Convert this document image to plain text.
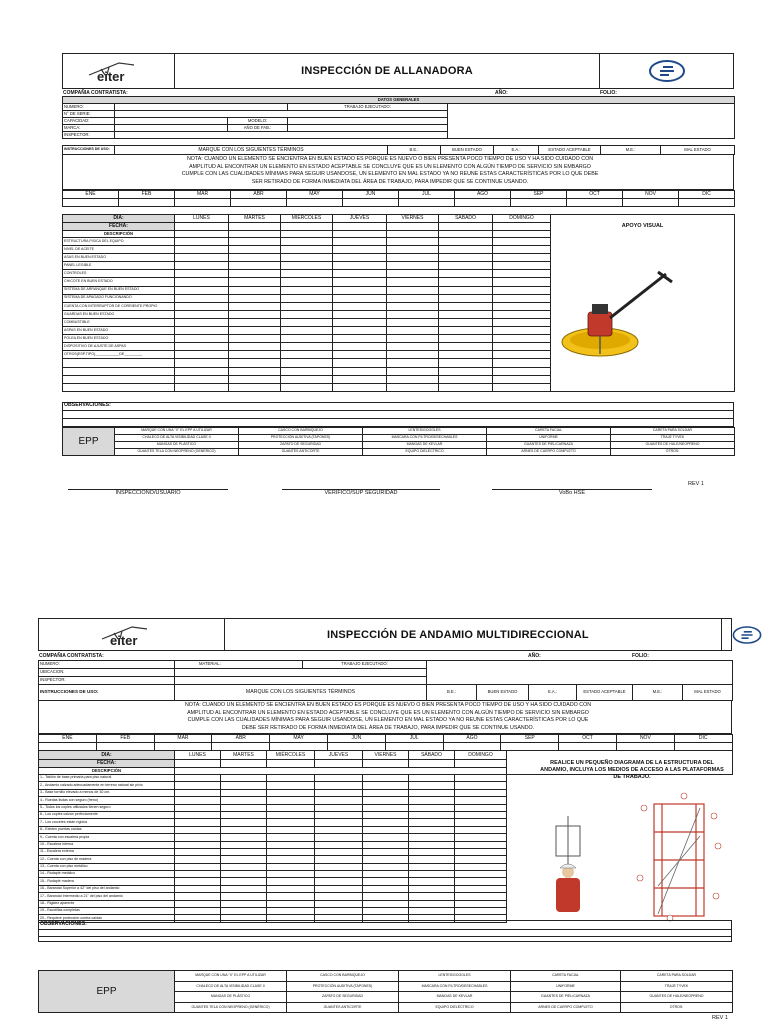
eiter	INSPECCIÓN DE ALLANADORA
COMPAÑIA CONTRATISTA:	AÑO:	FOLIO:
DATOS GENERALES				
NUMERO:			TRABAJO EJECUTADO:	
N° DE SERIE:				
CAPACIDAD:		MODELO:		
MARCA:		AÑO DE FAB.:		
INSPECTOR:				
INSTRUCCIONES DE USO:	MARQUE CON LOS SIGUIENTES TÉRMINOS	B.E.:	BUEN ESTADO	E.A.:	ESTADO ACEPTABLE	M.E.:	MAL ESTADO
NOTA: CUANDO UN ELEMENTO SE ENCIENTRA EN BUEN ESTADO ES PORQUE ES NUEVO O BIEN PRESENTA POCO TIEMPO DE USO Y HA SIDO CUIDADO CON AMPLITUD AL ENCONTRAR UN ELEMENTO EN ESTADO ACEPTABLE SE CONCLUYE QUE ES UN ELEMENTO CON ALGÚN TIEMPO DE SERVICIO SIN EMBARGO CUMPLE CON LAS CUALIDADES MÍNIMAS PARA SEGUIR USANDOSE, UN ELEMENTO EN MAL ESTADO YA NO REUNE ESTAS CARACTERÍSTICAS POR LO QUE DEBE SER RETIRADO DE FORMA INMEDIATA DEL ÁREA DE TRABAJO, PARA IMPEDIR QUE SE CONTINUE USANDO.
ENE	FEB	MAR	ABR	MAY	JUN	JUL	AGO	SEP	OCT	NOV	DIC

DIA:	LUNES	MARTES	MIÉRCOLES	JUEVES	VIERNES	SÁBADO	DOMINGO	APOYO VISUAL
FECHA:								
DESCRIPCIÓN								
ESTRUCTURA FISICA DEL EQUIPO								
NIVEL DE ACEITE								
ASAS EN BUEN ESTADO								
PANEL LEGIBLE								
CONTROLES								
CHICOTE EN BUEN ESTADO								
SISTEMA DE ARRANQUE EN BUEN ESTADO								
SISTEMA DE APAGADO FUNCIONANDO								
CUENTA CON INTERRUPTOR DE CORRIENTE PROPIO								
GUARDAS EN BUEN ESTADO								
COMBUSTIBLE								
ASPAS EN BUEN ESTADO								
POLEA EN BUEN ESTADO								
DISPOSITIVO DE AJUSTE DE ASPAS								
OTROS(ESP.TIPO)____________DE_________								

OBSERVACIONES:
EPP	MARQUE CON UNA "X" EL EPP A UTILIZAR	CASCO CON BARBIQUEJO	LENTES/GOGGLES	CARETA FACIAL	CARETA PARA SOLDAR
	CHALECO DE ALTA VISIBILIDAD CLASE II	PROTECCIÓN AUDITIVA (TAPONES)	MASCARA CON FILTRO/DESECHABLES	UNIFORME	TRAJE TYVEK
	MANGAS DE PLÁSTICO	ZAPATO DE SEGURIDAD	MANGAS DE KEVLAR	GUANTES DE PIEL/CARNAZA	GUANTES DE HULE/NEOPRENO
	GUANTES TELA CON NEOPRENO (GENÉRICO)	GUANTES ANTICORTE	EQUIPO DIELÉCTRICO	ARNES DE CUERPO COMPLETO	OTROS:
INSPECCIONO/USUARIO	VERIFICO/SUP SEGURIDAD	VoBo HSE
REV 1
eiter	INSPECCIÓN DE ANDAMIO MULTIDIRECCIONAL
COMPAÑIA CONTRATISTA:	AÑO:	FOLIO:
NUMERO:	MATERIAL:	TRABAJO EJECUTADO:	
UBICACION:			
INSPECTOR:			
INSTRUCCIONES DE USO:	MARQUE CON LOS SIGUIENTES TÉRMINOS	B.E.:	BUEN ESTADO	E.A.:	ESTADO ACEPTABLE	M.E.:	MAL ESTADO
NOTA: CUANDO UN ELEMENTO SE ENCIENTRA EN BUEN ESTADO ES PORQUE ES NUEVO O BIEN PRESENTA POCO TIEMPO DE USO Y HA SIDO CUIDADO CON AMPLITUD AL ENCONTRAR UN ELEMENTO EN ESTADO ACEPTABLE SE CONCLUYE QUE ES UN ELEMENTO CON ALGÚN TIEMPO DE SERVICIO SIN EMBARGO CUMPLE CON LAS CUALIDADES MÍNIMAS PARA SEGUIR USANDOSE, UN ELEMENTO EN MAL ESTADO YA NO REUNE ESTAS CARACTERÍSTICAS POR LO QUE DEBE SER RETIRADO DE FORMA INMEDIATA DEL ÁREA DE TRABAJO, PARA IMPEDIR QUE SE CONTINUE USANDO.
ENE	FEB	MAR	ABR	MAY	JUN	JUL	AGO	SEP	OCT	NOV	DIC

DIA:	LUNES	MARTES	MIÉRCOLES	JUEVES	VIERNES	SÁBADO	DOMINGO	
FECHA:								
DESCRIPCIÓN								
1.- Tablón de base primaria para piso natural								
2.- Andamio calzado adecuadamente en terreno natural sin pivio								
3.- Base tornillo elevado a menos de 30 cm.								
4.- Ruedas lisdas con seguro (freno)								
5.- Todos los coples utilizados tienen seguro								
6.- Los coples calzan perfectamente								
7.- Los crucetes están rígidos								
8.- Existen puertas caídas								
9.- Cuenta con escalera propia								
10.- Escalera interna								
11.- Escalera externa								
12.- Cuenta con piso de madera								
13.- Cuenta con piso metálico								
14.- Rodapié metálico								
15.- Rodapié madera								
16.- Barandal Superior a 42" del piso del andamio								
17.- Barandal Intermedio a 21" del piso del andamio								
18.- Rigidez aparente								
19.- Escotillas completas								
20.- Requiere protección contra caídas								
REALICE UN PEQUEÑO DIAGRAMA DE LA ESTRUCTURA DEL ANDAMIO, INCLUYA LOS MEDIOS DE ACCESO A LAS PLATAFORMAS DE TRABAJO.
OBSERVACIONES:
EPP	MARQUE CON UNA "X" EL EPP A UTILIZAR	CASCO CON BARBIQUEJO	LENTES/GOGGLES	CARETA FACIAL	CARETA PARA SOLDAR
	CHALECO DE ALTA VISIBILIDAD CLASE II	PROTECCIÓN AUDITIVA (TAPONES)	MASCARA CON FILTRO/DESECHABLES	UNIFORME	TRAJE TYVEK
	MANGAS DE PLÁSTICO	ZAPATO DE SEGURIDAD	MANGAS DE KEVLAR	GUANTES DE PIEL/CARNAZA	GUANTES DE HULE/NEOPRENO
	GUANTES TELA CON NEOPRENO (GENÉRICO)	GUANTES ANTICORTE	EQUIPO DIELÉCTRICO	ARNES DE CUERPO COMPLETO	OTROS:
REV 1
